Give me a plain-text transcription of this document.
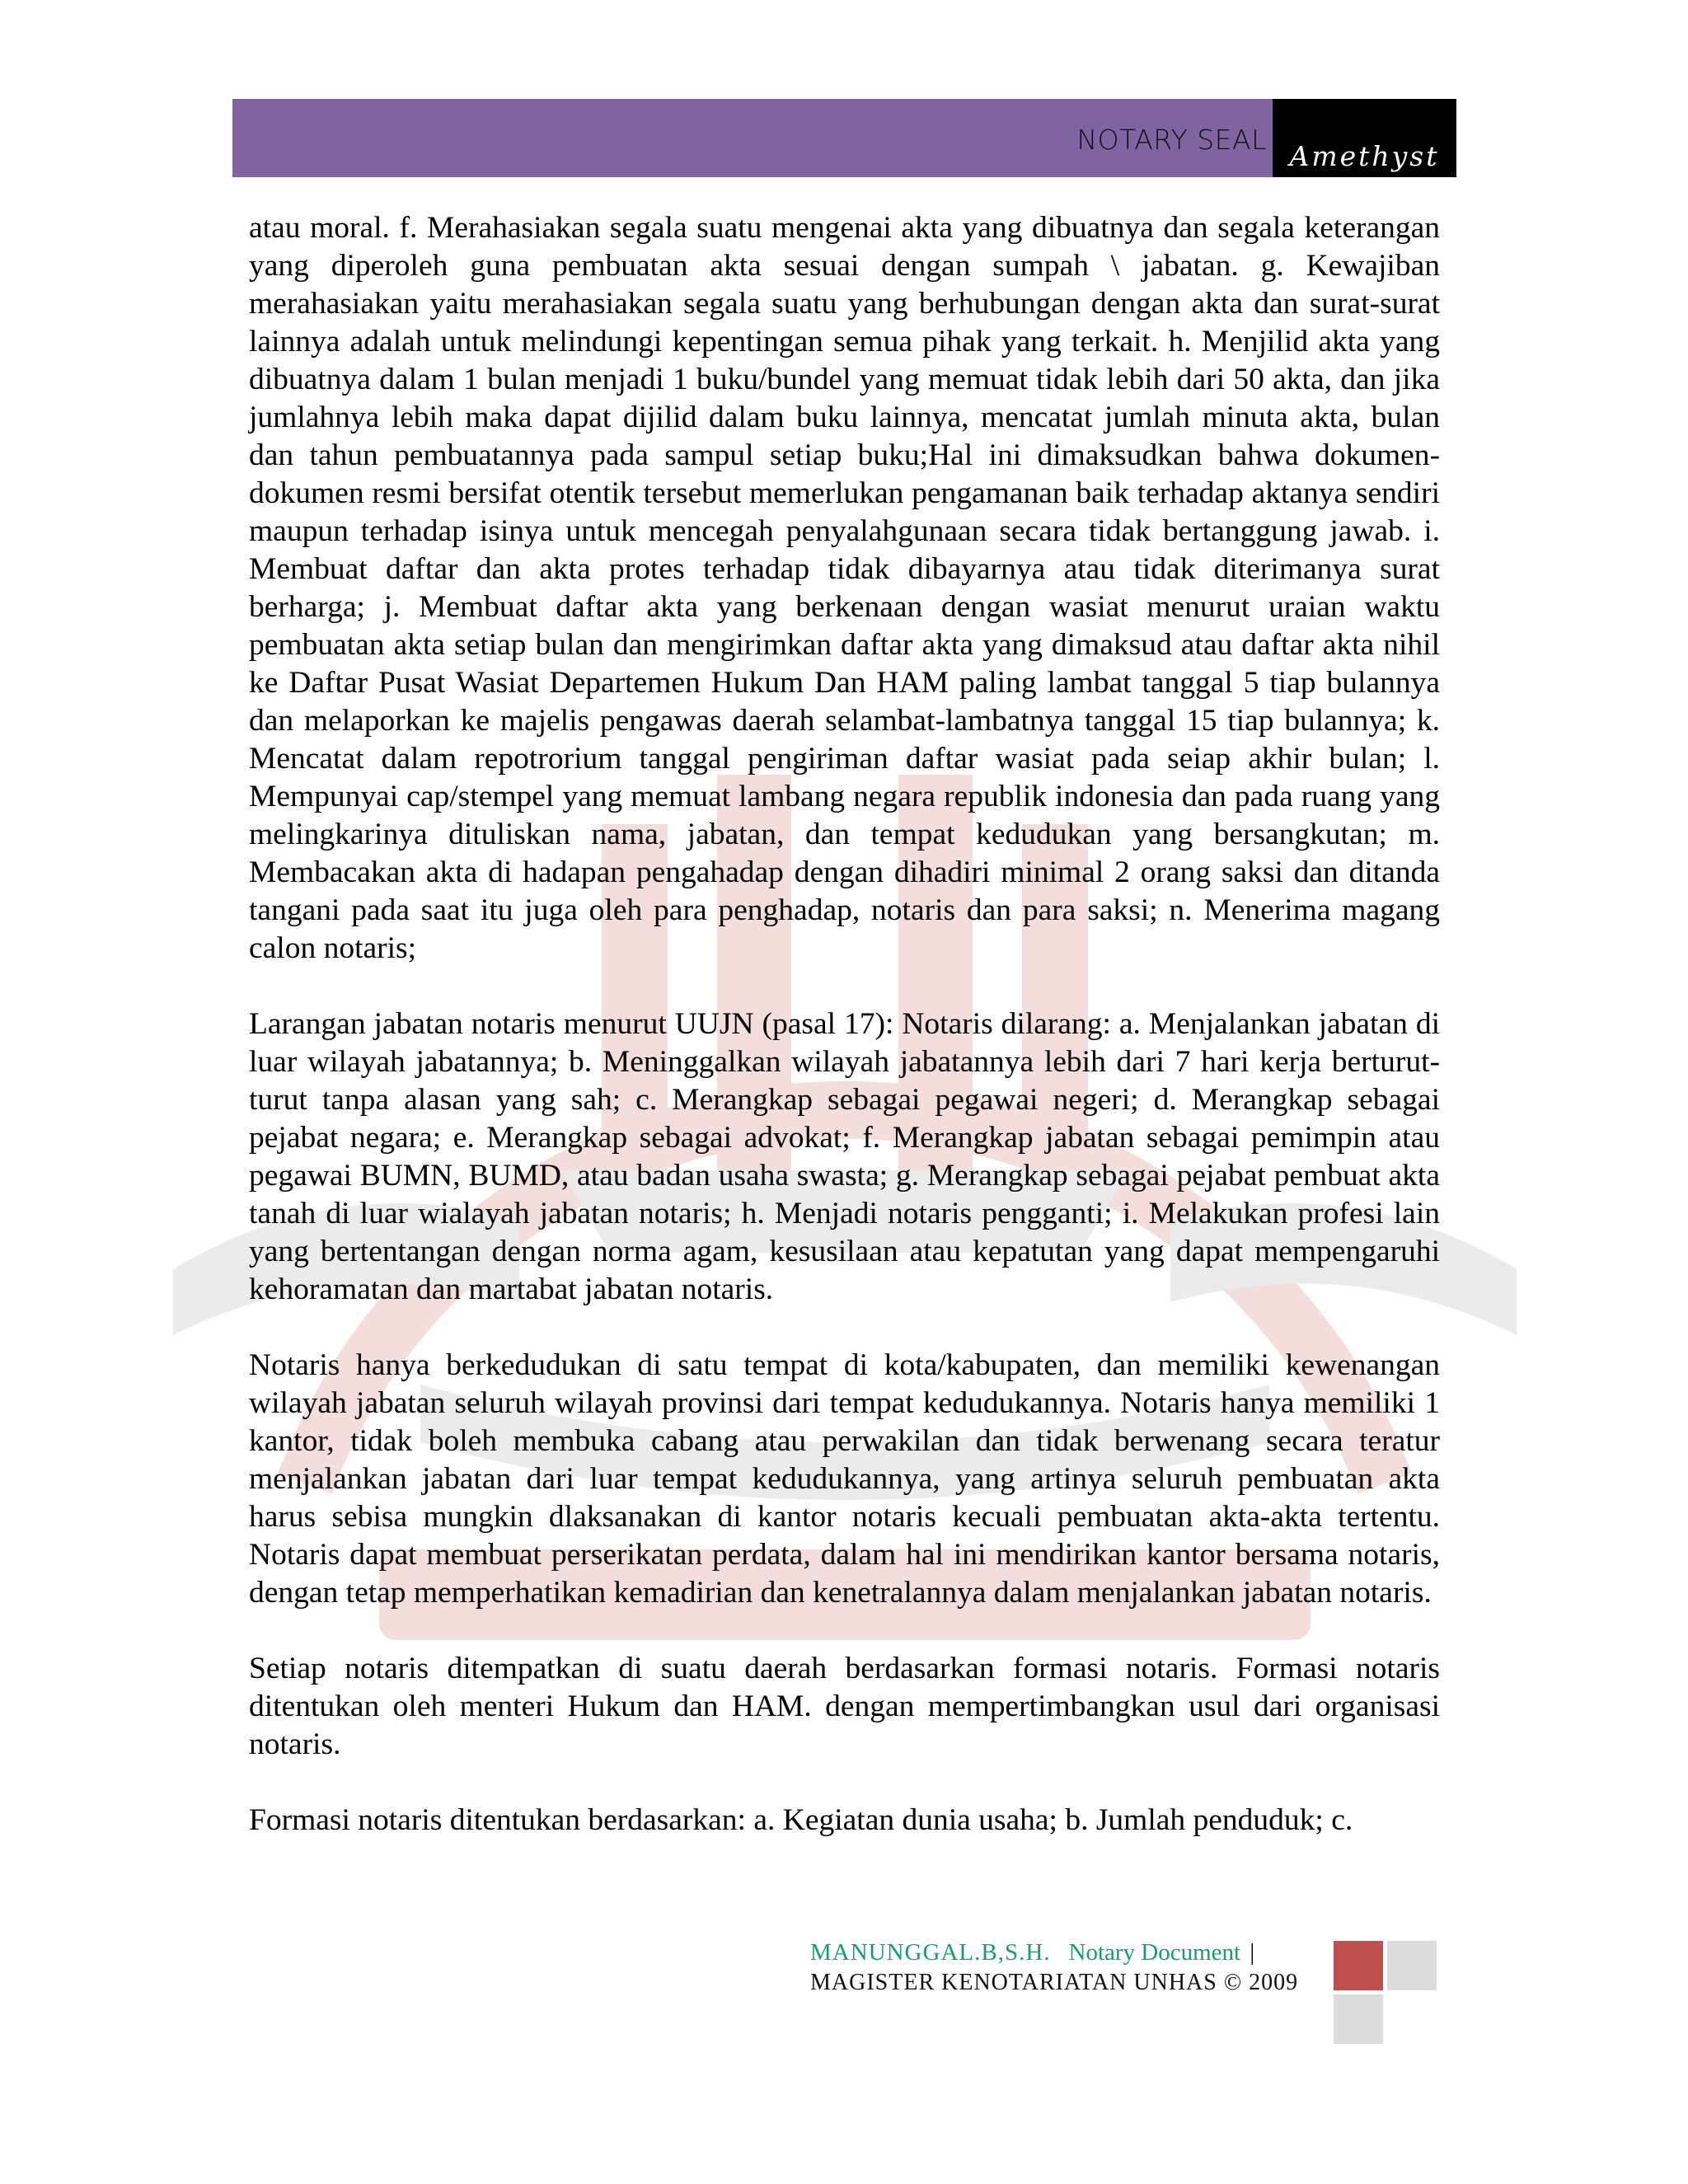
NOTARY SEAL
Amethyst

atau moral. f. Merahasiakan segala suatu mengenai akta yang dibuatnya dan segala keterangan yang diperoleh guna pembuatan akta sesuai dengan sumpah \ jabatan. g. Kewajiban merahasiakan yaitu merahasiakan segala suatu yang berhubungan dengan akta dan surat-surat lainnya adalah untuk melindungi kepentingan semua pihak yang terkait. h. Menjilid akta yang dibuatnya dalam 1 bulan menjadi 1 buku/bundel yang memuat tidak lebih dari 50 akta, dan jika jumlahnya lebih maka dapat dijilid dalam buku lainnya, mencatat jumlah minuta akta, bulan dan tahun pembuatannya pada sampul setiap buku;Hal ini dimaksudkan bahwa dokumen-dokumen resmi bersifat otentik tersebut memerlukan pengamanan baik terhadap aktanya sendiri maupun terhadap isinya untuk mencegah penyalahgunaan secara tidak bertanggung jawab. i. Membuat daftar dan akta protes terhadap tidak dibayarnya atau tidak diterimanya surat berharga; j. Membuat daftar akta yang berkenaan dengan wasiat menurut uraian waktu pembuatan akta setiap bulan dan mengirimkan daftar akta yang dimaksud atau daftar akta nihil ke Daftar Pusat Wasiat Departemen Hukum Dan HAM paling lambat tanggal 5 tiap bulannya dan melaporkan ke majelis pengawas daerah selambat-lambatnya tanggal 15 tiap bulannya; k. Mencatat dalam repotrorium tanggal pengiriman daftar wasiat pada seiap akhir bulan; l. Mempunyai cap/stempel yang memuat lambang negara republik indonesia dan pada ruang yang melingkarinya dituliskan nama, jabatan, dan tempat kedudukan yang bersangkutan; m. Membacakan akta di hadapan pengahadap dengan dihadiri minimal 2 orang saksi dan ditanda tangani pada saat itu juga oleh para penghadap, notaris dan para saksi; n. Menerima magang calon notaris;

Larangan jabatan notaris menurut UUJN (pasal 17): Notaris dilarang: a. Menjalankan jabatan di luar wilayah jabatannya; b. Meninggalkan wilayah jabatannya lebih dari 7 hari kerja berturut-turut tanpa alasan yang sah; c. Merangkap sebagai pegawai negeri; d. Merangkap sebagai pejabat negara; e. Merangkap sebagai advokat; f. Merangkap jabatan sebagai pemimpin atau pegawai BUMN, BUMD, atau badan usaha swasta; g. Merangkap sebagai pejabat pembuat akta tanah di luar wialayah jabatan notaris; h. Menjadi notaris pengganti; i. Melakukan profesi lain yang bertentangan dengan norma agam, kesusilaan atau kepatutan yang dapat mempengaruhi kehoramatan dan martabat jabatan notaris.

Notaris hanya berkedudukan di satu tempat di kota/kabupaten, dan memiliki kewenangan wilayah jabatan seluruh wilayah provinsi dari tempat kedudukannya. Notaris hanya memiliki 1 kantor, tidak boleh membuka cabang atau perwakilan dan tidak berwenang secara teratur menjalankan jabatan dari luar tempat kedudukannya, yang artinya seluruh pembuatan akta harus sebisa mungkin dlaksanakan di kantor notaris kecuali pembuatan akta-akta tertentu. Notaris dapat membuat perserikatan perdata, dalam hal ini mendirikan kantor bersama notaris, dengan tetap memperhatikan kemadirian dan kenetralannya dalam menjalankan jabatan notaris.

Setiap notaris ditempatkan di suatu daerah berdasarkan formasi notaris. Formasi notaris ditentukan oleh menteri Hukum dan HAM. dengan mempertimbangkan usul dari organisasi notaris.

Formasi notaris ditentukan berdasarkan: a. Kegiatan dunia usaha; b. Jumlah penduduk; c.

MANUNGGAL.B,S.H. Notary Document |
MAGISTER KENOTARIATAN UNHAS © 2009
